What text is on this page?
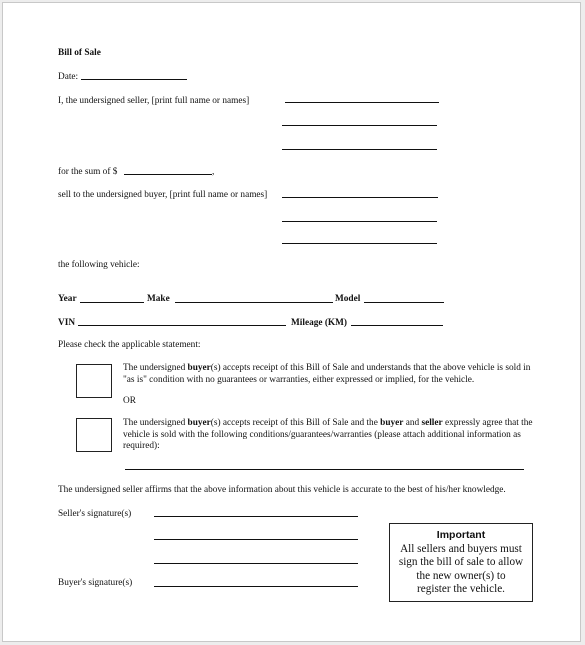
Bill of Sale
Date:
I, the undersigned seller, [print full name or names]
for the sum of $	,
sell to the undersigned buyer, [print full name or names]
the following vehicle:
Year	Make	Model
VIN	Mileage (KM)
Please check the applicable statement:
The undersigned buyer(s) accepts receipt of this Bill of Sale and understands that the above vehicle is sold in "as is" condition with no guarantees or warranties, either expressed or implied, for the vehicle.
OR
The undersigned buyer(s) accepts receipt of this Bill of Sale and the buyer and seller expressly agree that the vehicle is sold with the following conditions/guarantees/warranties (please attach additional information as required):
The undersigned seller affirms that the above information about this vehicle is accurate to the best of his/her knowledge.
Seller's signature(s)
Buyer's signature(s)
Important
All sellers and buyers must
sign the bill of sale to allow
the new owner(s) to
register the vehicle.
